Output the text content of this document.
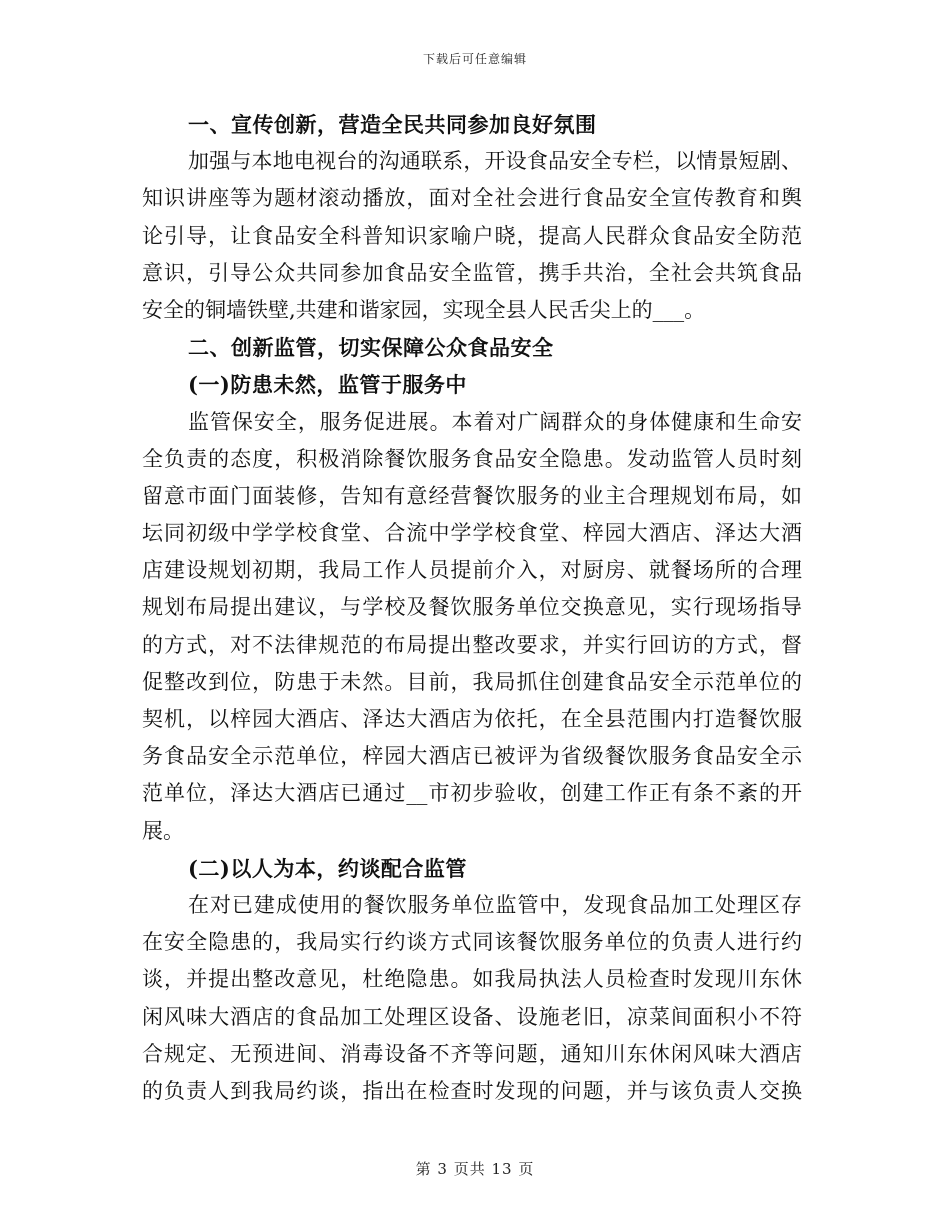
下载后可任意编辑
一、宣传创新，营造全民共同参加良好氛围
加强与本地电视台的沟通联系，开设食品安全专栏，以情景短剧、
知识讲座等为题材滚动播放，面对全社会进行食品安全宣传教育和舆
论引导，让食品安全科普知识家喻户晓，提高人民群众食品安全防范
意识，引导公众共同参加食品安全监管，携手共治，全社会共筑食品
安全的铜墙铁壁,共建和谐家园，实现全县人民舌尖上的___。
二、创新监管，切实保障公众食品安全
(一)防患未然，监管于服务中
监管保安全，服务促进展。本着对广阔群众的身体健康和生命安
全负责的态度，积极消除餐饮服务食品安全隐患。发动监管人员时刻
留意市面门面装修，告知有意经营餐饮服务的业主合理规划布局，如
坛同初级中学学校食堂、合流中学学校食堂、梓园大酒店、泽达大酒
店建设规划初期，我局工作人员提前介入，对厨房、就餐场所的合理
规划布局提出建议，与学校及餐饮服务单位交换意见，实行现场指导
的方式，对不法律规范的布局提出整改要求，并实行回访的方式，督
促整改到位，防患于未然。目前，我局抓住创建食品安全示范单位的
契机，以梓园大酒店、泽达大酒店为依托，在全县范围内打造餐饮服
务食品安全示范单位，梓园大酒店已被评为省级餐饮服务食品安全示
范单位，泽达大酒店已通过__市初步验收，创建工作正有条不紊的开
展。
(二)以人为本，约谈配合监管
在对已建成使用的餐饮服务单位监管中，发现食品加工处理区存
在安全隐患的，我局实行约谈方式同该餐饮服务单位的负责人进行约
谈，并提出整改意见，杜绝隐患。如我局执法人员检查时发现川东休
闲风味大酒店的食品加工处理区设备、设施老旧，凉菜间面积小不符
合规定、无预进间、消毒设备不齐等问题，通知川东休闲风味大酒店
的负责人到我局约谈，指出在检查时发现的问题，并与该负责人交换
第 3 页共 13 页
